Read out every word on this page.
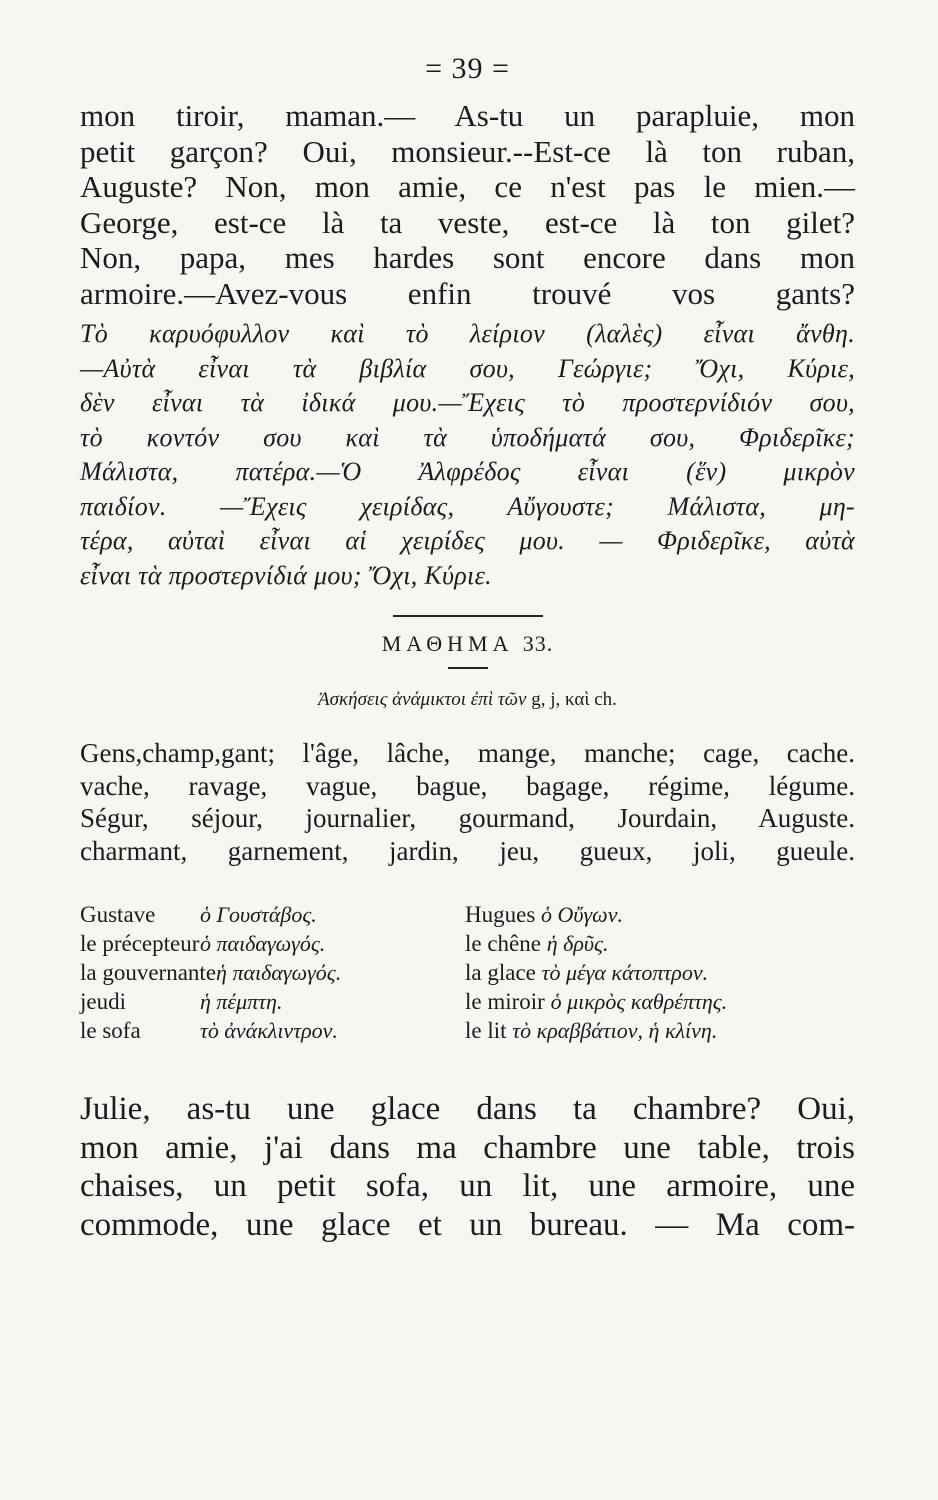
= 39 =
mon tiroir, maman.— As-tu un parapluie, mon
petit garçon? Oui, monsieur.--Est-ce là ton ruban,
Auguste? Non, mon amie, ce n'est pas le mien.—
George, est-ce là ta veste, est-ce là ton gilet?
Non, papa, mes hardes sont encore dans mon
armoire.—Avez-vous enfin trouvé vos gants?
Τὸ καρυόφυλλον καὶ τὸ λείριον (λαλὲς) εἶναι ἄνθη.
—Αὐτὰ εἶναι τὰ βιβλία σου, Γεώργιε; Ὄχι, Κύριε,
δὲν εἶναι τὰ ἰδικά μου.—Ἔχεις τὸ προστερνίδιόν σου,
τὸ κοντόν σου καὶ τὰ ὑποδήματά σου, Φριδερῖκε;
Μάλιστα, πατέρα.—Ὁ Ἀλφρέδος εἶναι (ἕν) μικρὸν
παιδίον. —Ἔχεις χειρίδας, Αὔγουστε; Μάλιστα, μη-
τέρα, αὐταὶ εἶναι αἱ χειρίδες μου. — Φριδερῖκε, αὐτὰ
εἶναι τὰ προστερνίδιά μου; Ὄχι, Κύριε.
ΜΑΘΗΜΑ 33.
Ἀσκήσεις ἀνάμικτοι ἐπὶ τῶν g, j, καὶ ch.
Gens,champ,gant; l'âge, lâche, mange, manche; cage, cache.
vache, ravage, vague, bague, bagage, régime, légume.
Ségur, séjour, journalier, gourmand, Jourdain, Auguste.
charmant, garnement, jardin, jeu, gueux, joli, gueule.
Gustave ὁ Γουστάβος.
le précepteurὁ παιδαγωγός.
la gouvernanteἡ παιδαγωγός.
jeudi	ἡ πέμπτη.
le sofa	τὸ ἀνάκλιντρον.
Hugues ὁ Οὔγων.
le chêne ἡ δρῦς.
la glace τὸ μέγα κάτοπτρον.
le miroir ὁ μικρὸς καθρέπτης.
le lit τὸ κραββάτιον, ἡ κλίνη.
Julie, as-tu une glace dans ta chambre? Oui,
mon amie, j'ai dans ma chambre une table, trois
chaises, un petit sofa, un lit, une armoire, une
commode, une glace et un bureau. — Ma com-
